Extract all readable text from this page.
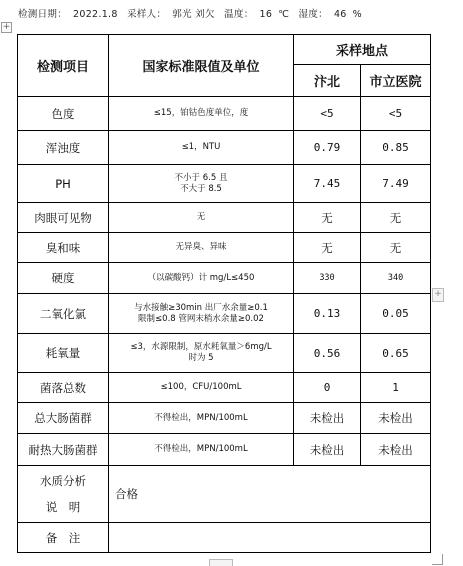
检测日期： 2022.1.8 采样人： 郭光 刘欠 温度： 16 ℃ 湿度： 46 %
+
+
检测项目	国家标准限值及单位	采样地点	
		汴北	市立医院
色度	≤15，铂钴色度单位，度	<5	<5
浑浊度	≤1，NTU	0.79	0.85
PH	不小于 6.5 且
不大于 8.5	7.45	7.49
肉眼可见物	无	无	无
臭和味	无异臭、异味	无	无
硬度	（以碳酸钙）计 mg/L≤450	330	340
二氧化氯	与水接触≥30min 出厂水余量≥0.1
限制≤0.8 管网末梢水余量≥0.02	0.13	0.05
耗氧量	≤3，水源限制，原水耗氧量＞6mg/L
时为 5	0.56	0.65
菌落总数	≤100，CFU/100mL	0	1
总大肠菌群	不得检出，MPN/100mL	未检出	未检出
耐热大肠菌群	不得检出，MPN/100mL	未检出	未检出

水质分析
说　明	合格		
备　注			
